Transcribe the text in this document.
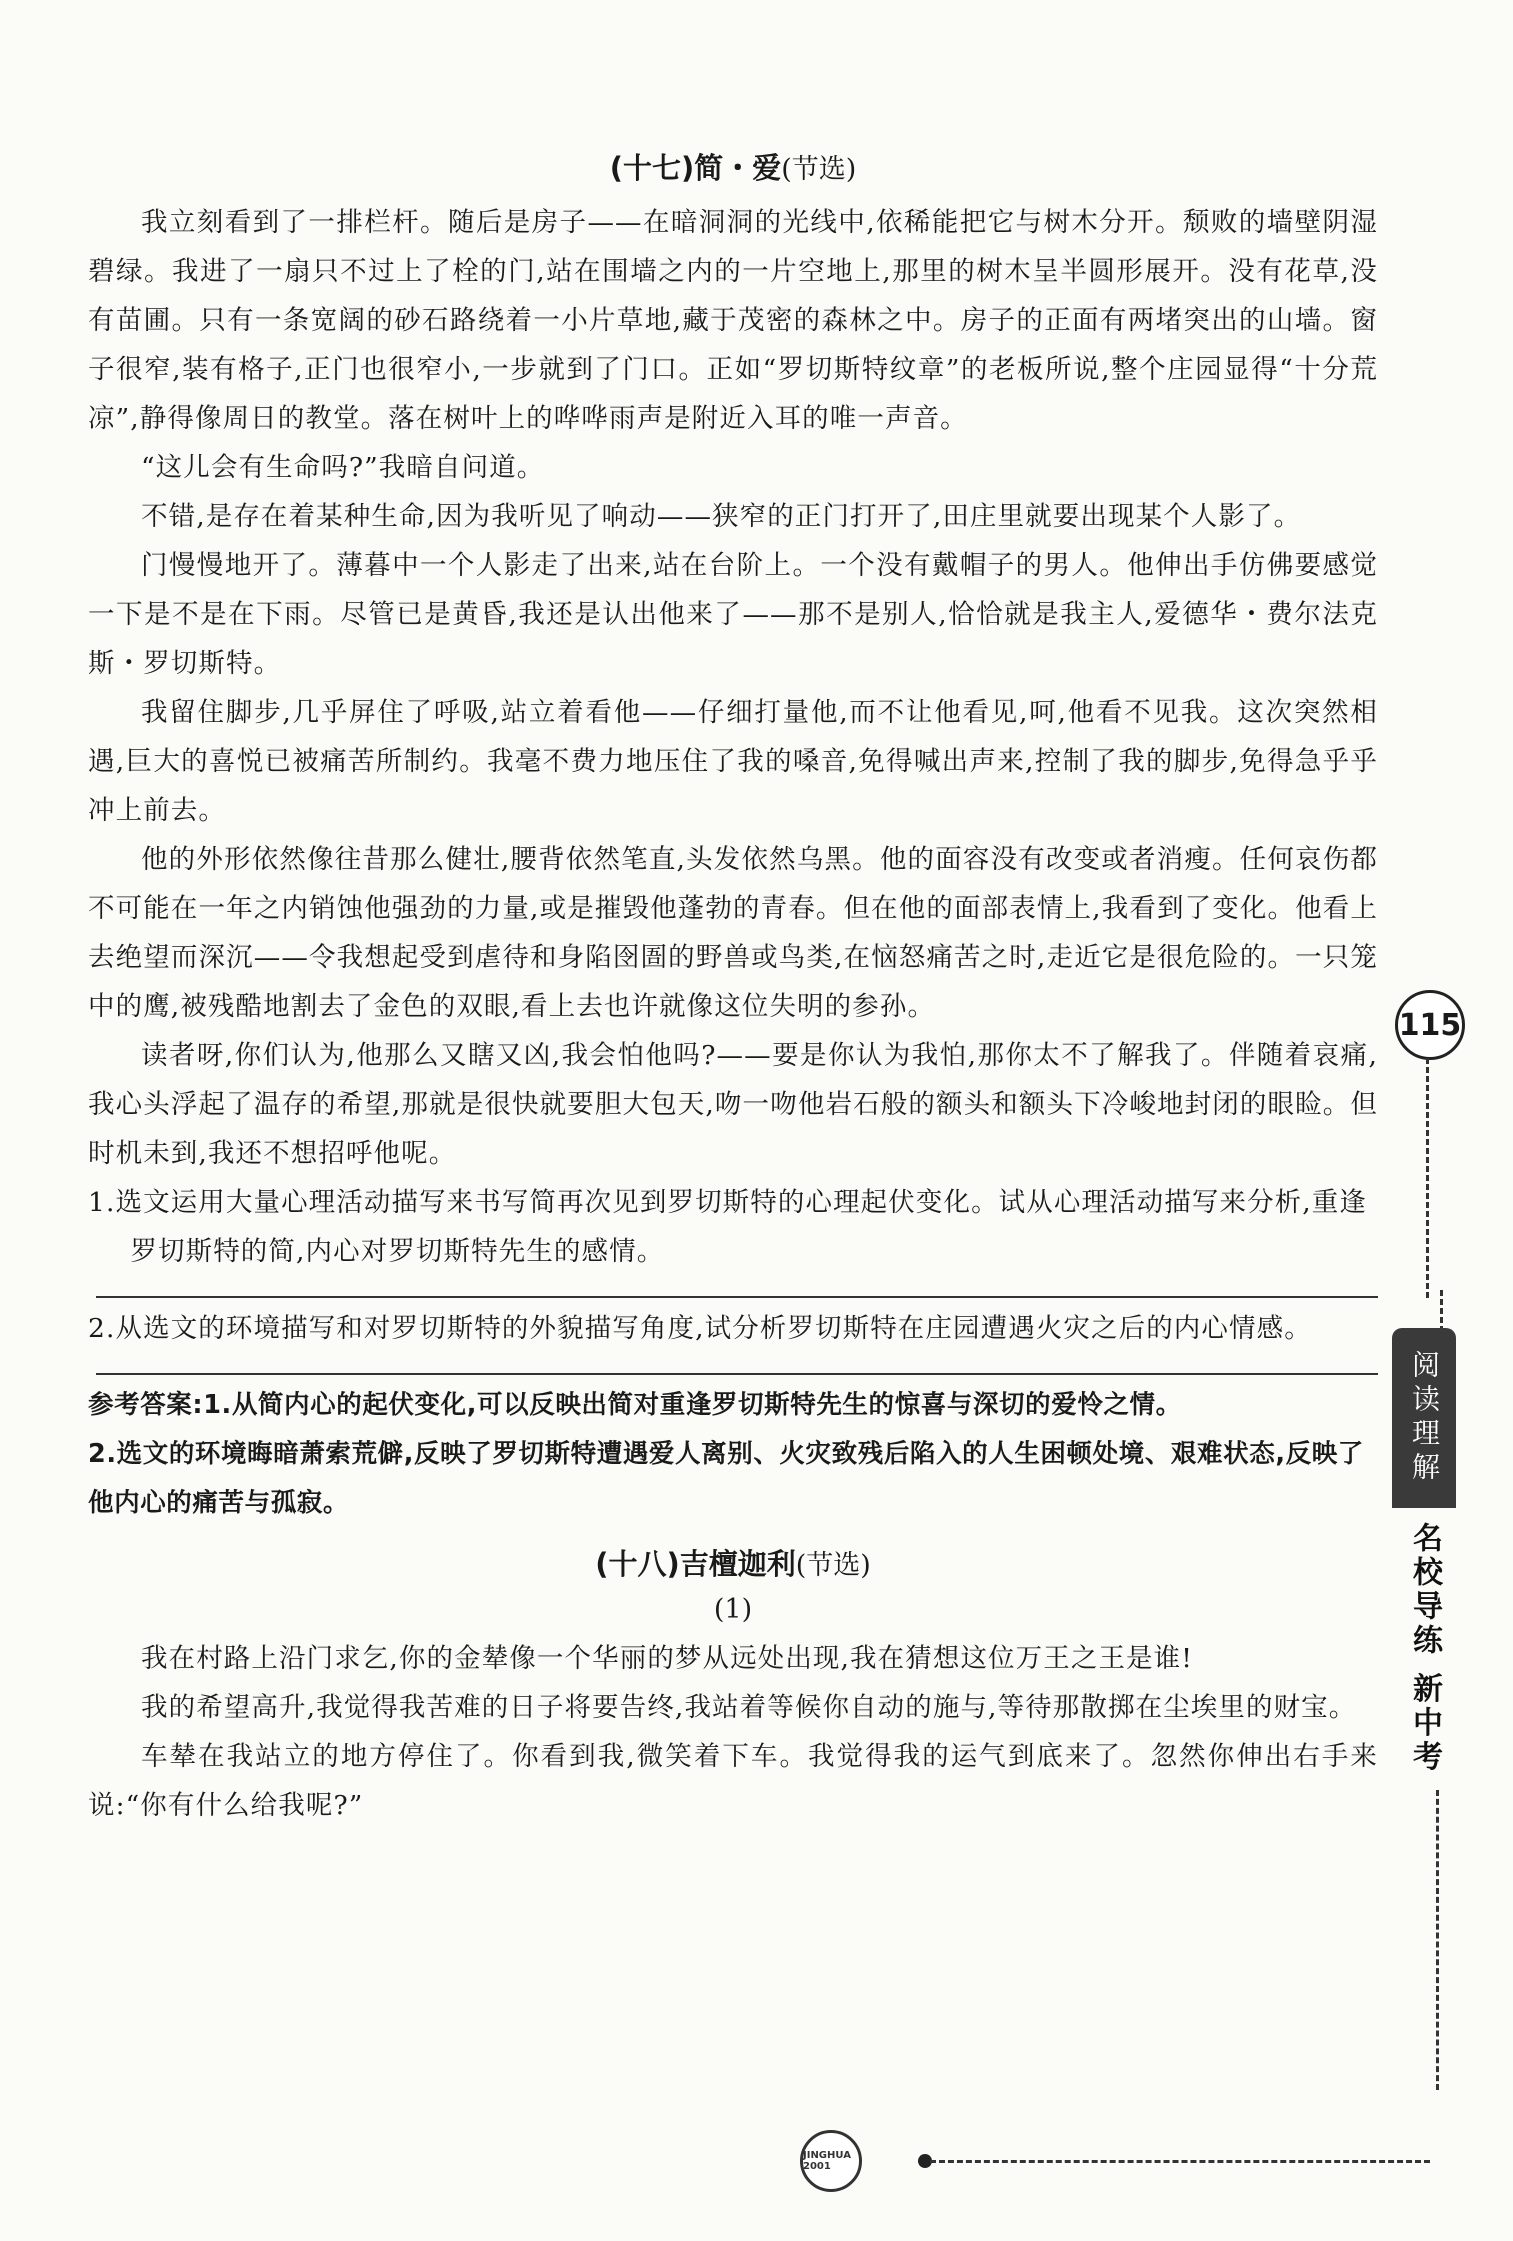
(十七)简・爱(节选)

我立刻看到了一排栏杆。随后是房子——在暗洞洞的光线中,依稀能把它与树木分开。颓败的墙壁阴湿碧绿。我进了一扇只不过上了栓的门,站在围墙之内的一片空地上,那里的树木呈半圆形展开。没有花草,没有苗圃。只有一条宽阔的砂石路绕着一小片草地,藏于茂密的森林之中。房子的正面有两堵突出的山墙。窗子很窄,装有格子,正门也很窄小,一步就到了门口。正如“罗切斯特纹章”的老板所说,整个庄园显得“十分荒凉”,静得像周日的教堂。落在树叶上的哗哗雨声是附近入耳的唯一声音。

“这儿会有生命吗?”我暗自问道。

不错,是存在着某种生命,因为我听见了响动——狭窄的正门打开了,田庄里就要出现某个人影了。

门慢慢地开了。薄暮中一个人影走了出来,站在台阶上。一个没有戴帽子的男人。他伸出手仿佛要感觉一下是不是在下雨。尽管已是黄昏,我还是认出他来了——那不是别人,恰恰就是我主人,爱德华・费尔法克斯・罗切斯特。

我留住脚步,几乎屏住了呼吸,站立着看他——仔细打量他,而不让他看见,呵,他看不见我。这次突然相遇,巨大的喜悦已被痛苦所制约。我毫不费力地压住了我的嗓音,免得喊出声来,控制了我的脚步,免得急乎乎冲上前去。

他的外形依然像往昔那么健壮,腰背依然笔直,头发依然乌黑。他的面容没有改变或者消瘦。任何哀伤都不可能在一年之内销蚀他强劲的力量,或是摧毁他蓬勃的青春。但在他的面部表情上,我看到了变化。他看上去绝望而深沉——令我想起受到虐待和身陷囹圄的野兽或鸟类,在恼怒痛苦之时,走近它是很危险的。一只笼中的鹰,被残酷地割去了金色的双眼,看上去也许就像这位失明的参孙。

读者呀,你们认为,他那么又瞎又凶,我会怕他吗?——要是你认为我怕,那你太不了解我了。伴随着哀痛,我心头浮起了温存的希望,那就是很快就要胆大包天,吻一吻他岩石般的额头和额头下冷峻地封闭的眼睑。但时机未到,我还不想招呼他呢。

1.选文运用大量心理活动描写来书写简再次见到罗切斯特的心理起伏变化。试从心理活动描写来分析,重逢罗切斯特的简,内心对罗切斯特先生的感情。

2.从选文的环境描写和对罗切斯特的外貌描写角度,试分析罗切斯特在庄园遭遇火灾之后的内心情感。

参考答案:1.从简内心的起伏变化,可以反映出简对重逢罗切斯特先生的惊喜与深切的爱怜之情。

2.选文的环境晦暗萧索荒僻,反映了罗切斯特遭遇爱人离别、火灾致残后陷入的人生困顿处境、艰难状态,反映了他内心的痛苦与孤寂。

(十八)吉檀迦利(节选)
(1)

我在村路上沿门求乞,你的金辇像一个华丽的梦从远处出现,我在猜想这位万王之王是谁!

我的希望高升,我觉得我苦难的日子将要告终,我站着等候你自动的施与,等待那散掷在尘埃里的财宝。

车辇在我站立的地方停住了。你看到我,微笑着下车。我觉得我的运气到底来了。忽然你伸出右手来说:“你有什么给我呢?”

115
阅读理解
名校导练 新中考
JINGHUA 2001
